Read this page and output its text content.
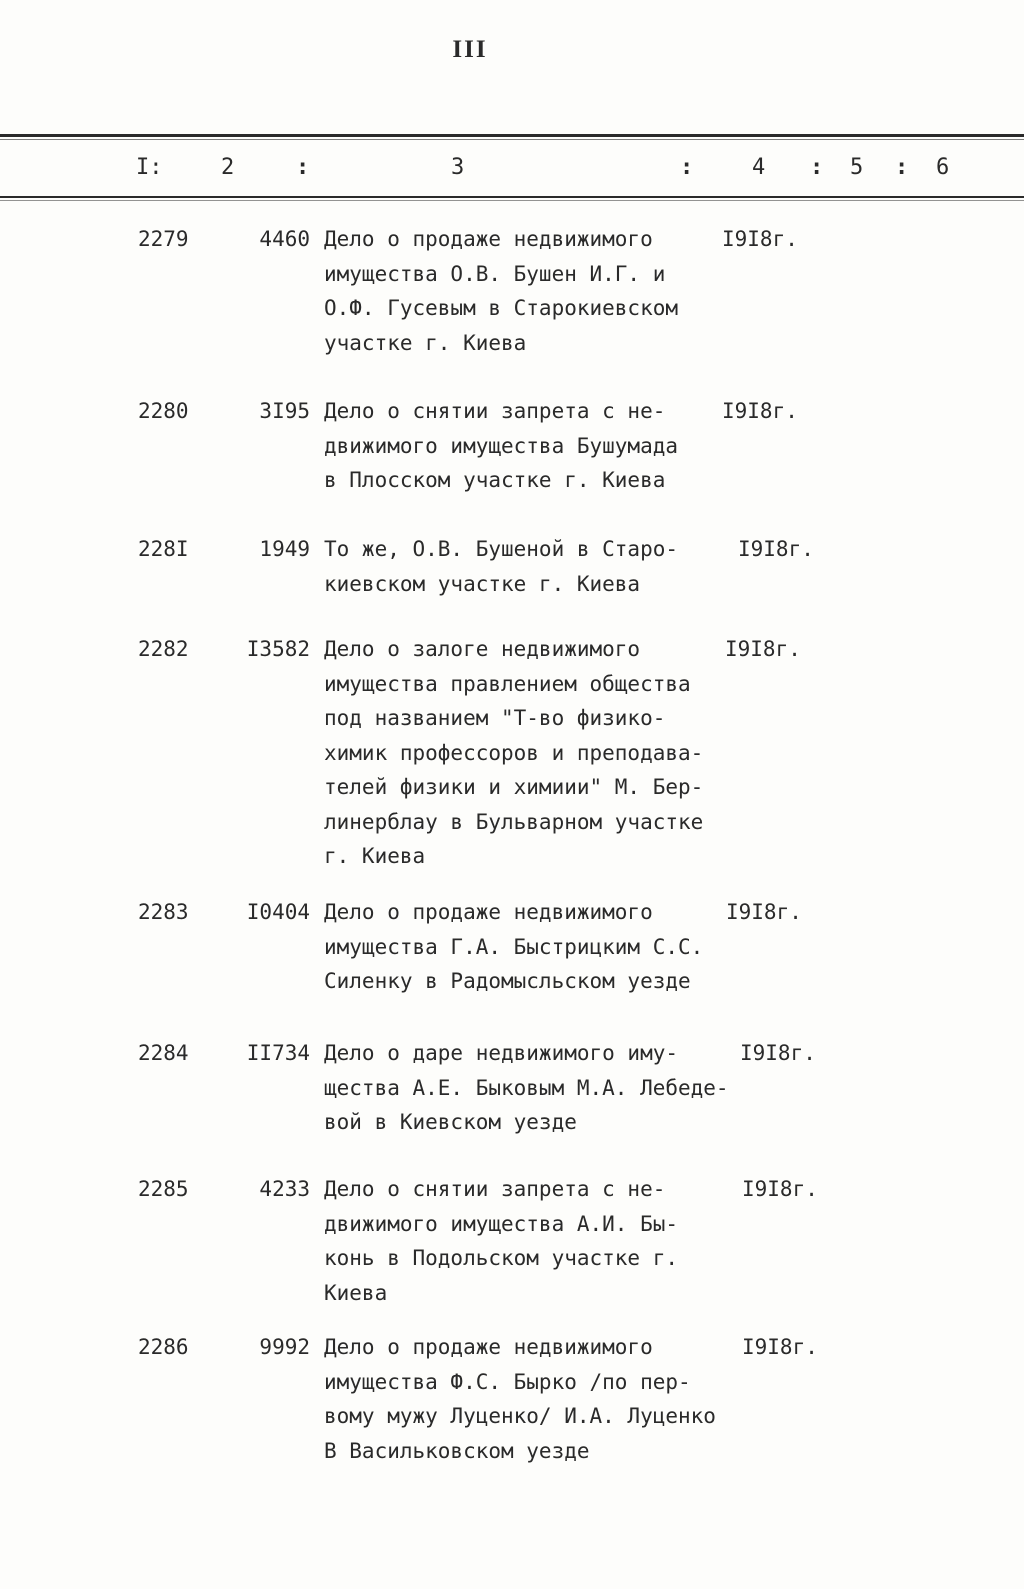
III
I:	2	:	3	:	4 : 5 : 6
2279	4460 Дело о продаже недвижимого
имущества О.В. Бушен И.Г. и
О.Ф. Гусевым в Старокиевском
участке г. Киева
I9I8г.
2280	3I95 Дело о снятии запрета с не-
движимого имущества Бушумада
в Плосском участке г. Киева
I9I8г.
228I	1949 То же, О.В. Бушеной в Старо-
киевском участке г. Киева
I9I8г.
2282	I3582 Дело о залоге недвижимого
имущества правлением общества
под названием "Т-во физико-
химик профессоров и преподава-
телей физики и химиии" М. Бер-
линерблау в Бульварном участке
г. Киева
I9I8г.
2283	I0404 Дело о продаже недвижимого
имущества Г.А. Быстрицким С.С.
Силенку в Радомысльском уезде
I9I8г.
2284	II734 Дело о даре недвижимого иму-
щества А.Е. Быковым М.А. Лебеде-
вой в Киевском уезде
I9I8г.
2285	4233 Дело о снятии запрета с не-
движимого имущества А.И. Бы-
конь в Подольском участке г.
Киева
I9I8г.
2286	9992 Дело о продаже недвижимого
имущества Ф.С. Бырко /по пер-
вому мужу Луценко/ И.А. Луценко
В Васильковском уезде
I9I8г.
